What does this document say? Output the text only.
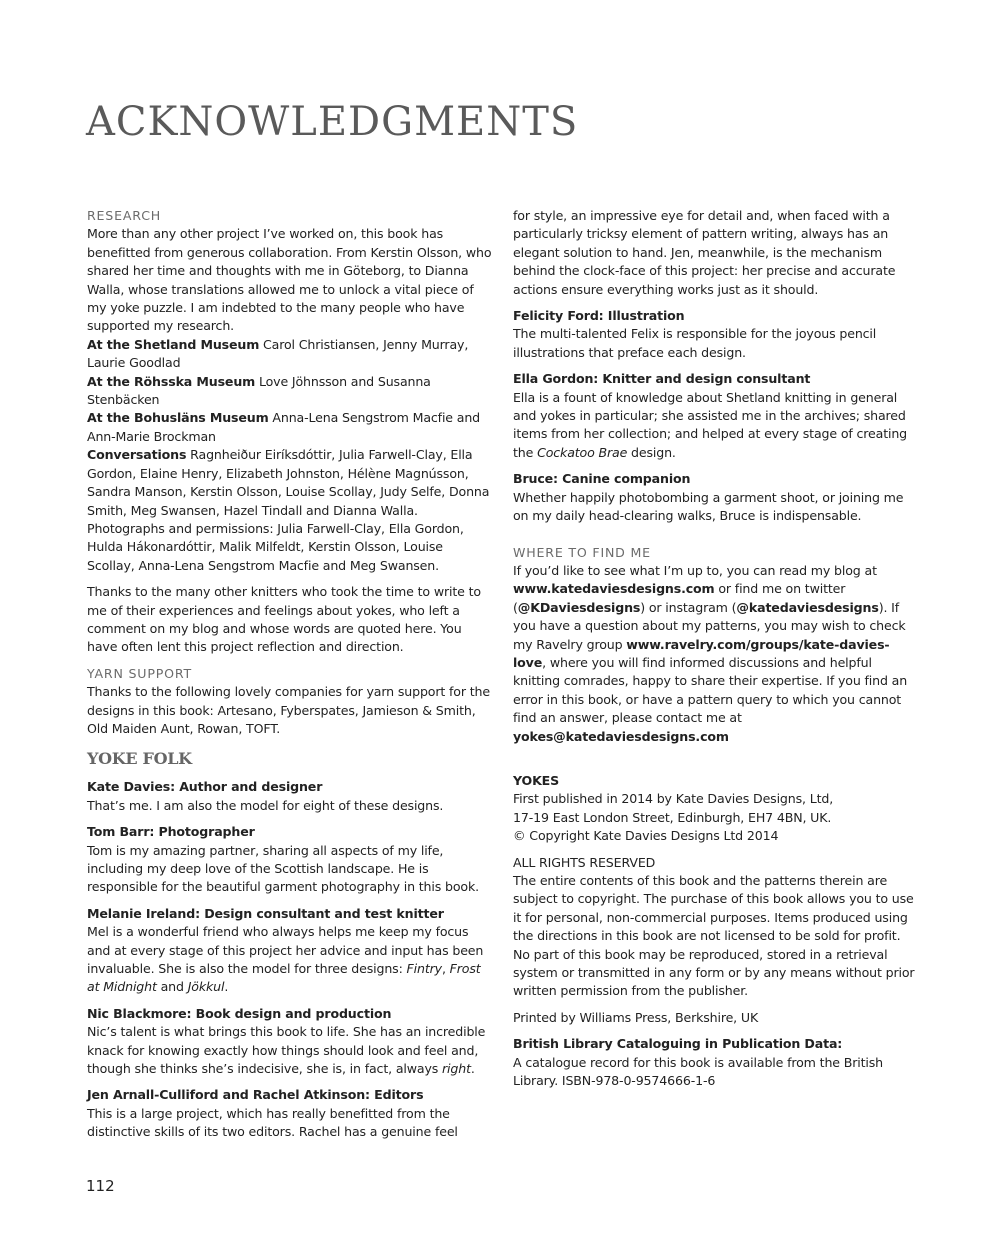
ACKNOWLEDGMENTS

RESEARCH

More than any other project I’ve worked on, this book has benefitted from generous collaboration. From Kerstin Olsson, who shared her time and thoughts with me in Göteborg, to Dianna Walla, whose translations allowed me to unlock a vital piece of my yoke puzzle. I am indebted to the many people who have supported my research.

At the Shetland Museum Carol Christiansen, Jenny Murray, Laurie Goodlad

At the Röhsska Museum Love Jöhnsson and Susanna Stenbäcken

At the Bohusläns Museum Anna-Lena Sengstrom Macfie and Ann-Marie Brockman

Conversations Ragnheiður Eiríksdóttir, Julia Farwell-Clay, Ella Gordon, Elaine Henry, Elizabeth Johnston, Hélène Magnússon, Sandra Manson, Kerstin Olsson, Louise Scollay, Judy Selfe, Donna Smith, Meg Swansen, Hazel Tindall and Dianna Walla.

Photographs and permissions: Julia Farwell-Clay, Ella Gordon, Hulda Hákonardóttir, Malik Milfeldt, Kerstin Olsson, Louise Scollay, Anna-Lena Sengstrom Macfie and Meg Swansen.

Thanks to the many other knitters who took the time to write to me of their experiences and feelings about yokes, who left a comment on my blog and whose words are quoted here. You have often lent this project reflection and direction.

YARN SUPPORT

Thanks to the following lovely companies for yarn support for the designs in this book: Artesano, Fyberspates, Jamieson & Smith, Old Maiden Aunt, Rowan, TOFT.

YOKE FOLK

Kate Davies: Author and designer

That’s me. I am also the model for eight of these designs.

Tom Barr: Photographer

Tom is my amazing partner, sharing all aspects of my life, including my deep love of the Scottish landscape. He is responsible for the beautiful garment photography in this book.

Melanie Ireland: Design consultant and test knitter

Mel is a wonderful friend who always helps me keep my focus and at every stage of this project her advice and input has been invaluable. She is also the model for three designs: Fintry, Frost at Midnight and Jökkul.

Nic Blackmore: Book design and production

Nic’s talent is what brings this book to life. She has an incredible knack for knowing exactly how things should look and feel and, though she thinks she’s indecisive, she is, in fact, always right.

Jen Arnall-Culliford and Rachel Atkinson: Editors

This is a large project, which has really benefitted from the distinctive skills of its two editors. Rachel has a genuine feel

for style, an impressive eye for detail and, when faced with a particularly tricksy element of pattern writing, always has an elegant solution to hand. Jen, meanwhile, is the mechanism behind the clock-face of this project: her precise and accurate actions ensure everything works just as it should.

Felicity Ford: Illustration

The multi-talented Felix is responsible for the joyous pencil illustrations that preface each design.

Ella Gordon: Knitter and design consultant

Ella is a fount of knowledge about Shetland knitting in general and yokes in particular; she assisted me in the archives; shared items from her collection; and helped at every stage of creating the Cockatoo Brae design.

Bruce: Canine companion

Whether happily photobombing a garment shoot, or joining me on my daily head-clearing walks, Bruce is indispensable.

WHERE TO FIND ME

If you’d like to see what I’m up to, you can read my blog at www.katedaviesdesigns.com or find me on twitter (@KDaviesdesigns) or instagram (@katedaviesdesigns). If you have a question about my patterns, you may wish to check my Ravelry group www.ravelry.com/groups/kate-davies-love, where you will find informed discussions and helpful knitting comrades, happy to share their expertise. If you find an error in this book, or have a pattern query to which you cannot find an answer, please contact me at yokes@katedaviesdesigns.com

YOKES

First published in 2014 by Kate Davies Designs, Ltd,

17-19 East London Street, Edinburgh, EH7 4BN, UK.

© Copyright Kate Davies Designs Ltd 2014

ALL RIGHTS RESERVED

The entire contents of this book and the patterns therein are subject to copyright. The purchase of this book allows you to use it for personal, non-commercial purposes. Items produced using the directions in this book are not licensed to be sold for profit.

No part of this book may be reproduced, stored in a retrieval system or transmitted in any form or by any means without prior written permission from the publisher.

Printed by Williams Press, Berkshire, UK

British Library Cataloguing in Publication Data:

A catalogue record for this book is available from the British Library. ISBN-978-0-9574666-1-6

112
